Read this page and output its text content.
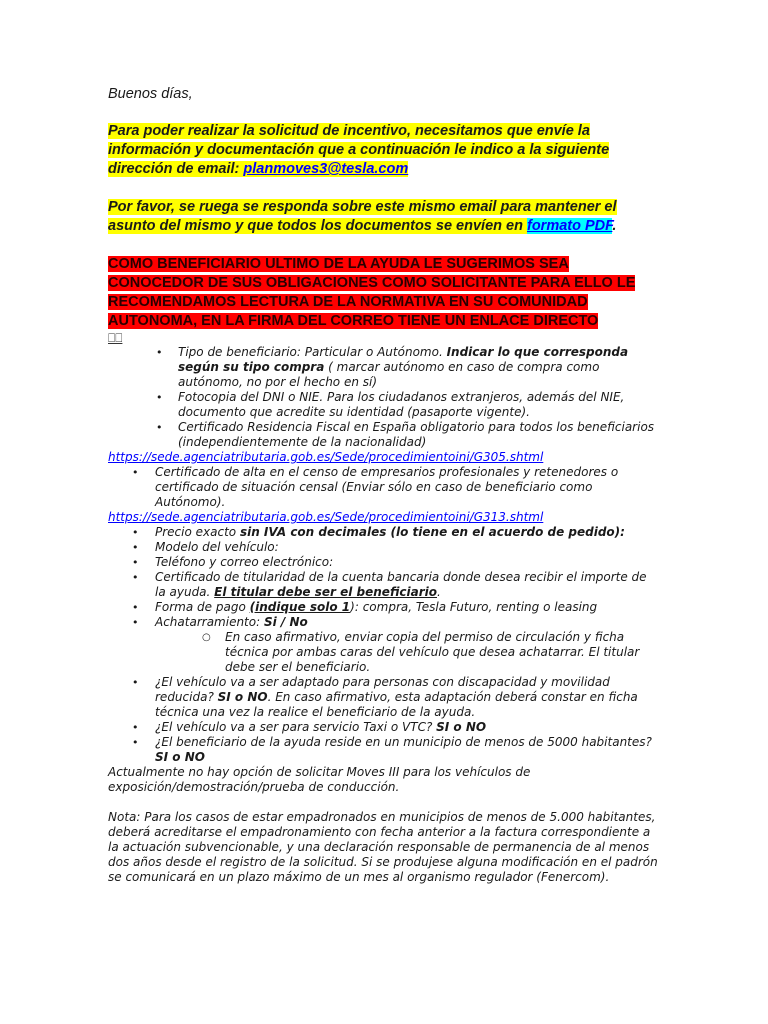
Buenos días,

Para poder realizar la solicitud de incentivo, necesitamos que envíe la información y documentación que a continuación le indico a la siguiente dirección de email: planmoves3@tesla.com

Por favor, se ruega se responda sobre este mismo email para mantener el asunto del mismo y que todos los documentos se envíen en formato PDF.

COMO BENEFICIARIO ULTIMO DE LA AYUDA LE SUGERIMOS SEA CONOCEDOR DE SUS OBLIGACIONES COMO SOLICITANTE PARA ELLO LE RECOMENDAMOS LECTURA DE LA NORMATIVA EN SU COMUNIDAD AUTONOMA, EN LA FIRMA DEL CORREO TIENE UN ENLACE DIRECTO

⎕⎕

• Tipo de beneficiario: Particular o Autónomo. Indicar lo que corresponda según su tipo compra ( marcar autónomo en caso de compra como autónomo, no por el hecho en sí)
• Fotocopia del DNI o NIE. Para los ciudadanos extranjeros, además del NIE, documento que acredite su identidad (pasaporte vigente).
• Certificado Residencia Fiscal en España obligatorio para todos los beneficiarios (independientemente de la nacionalidad)

https://sede.agenciatributaria.gob.es/Sede/procedimientoini/G305.shtml

• Certificado de alta en el censo de empresarios profesionales y retenedores o certificado de situación censal (Enviar sólo en caso de beneficiario como Autónomo).

https://sede.agenciatributaria.gob.es/Sede/procedimientoini/G313.shtml

• Precio exacto sin IVA con decimales (lo tiene en el acuerdo de pedido):
• Modelo del vehículo:
• Teléfono y correo electrónico:
• Certificado de titularidad de la cuenta bancaria donde desea recibir el importe de la ayuda. El titular debe ser el beneficiario.
• Forma de pago (indique solo 1): compra, Tesla Futuro, renting o leasing
• Achatarramiento: Si / No
○ En caso afirmativo, enviar copia del permiso de circulación y ficha técnica por ambas caras del vehículo que desea achatarrar. El titular debe ser el beneficiario.
• ¿El vehículo va a ser adaptado para personas con discapacidad y movilidad reducida? SI o NO. En caso afirmativo, esta adaptación deberá constar en ficha técnica una vez la realice el beneficiario de la ayuda.
• ¿El vehículo va a ser para servicio Taxi o VTC? SI o NO
• ¿El beneficiario de la ayuda reside en un municipio de menos de 5000 habitantes? SI o NO

Actualmente no hay opción de solicitar Moves III para los vehículos de exposición/demostración/prueba de conducción.

Nota: Para los casos de estar empadronados en municipios de menos de 5.000 habitantes, deberá acreditarse el empadronamiento con fecha anterior a la factura correspondiente a la actuación subvencionable, y una declaración responsable de permanencia de al menos dos años desde el registro de la solicitud. Si se produjese alguna modificación en el padrón se comunicará en un plazo máximo de un mes al organismo regulador (Fenercom).
